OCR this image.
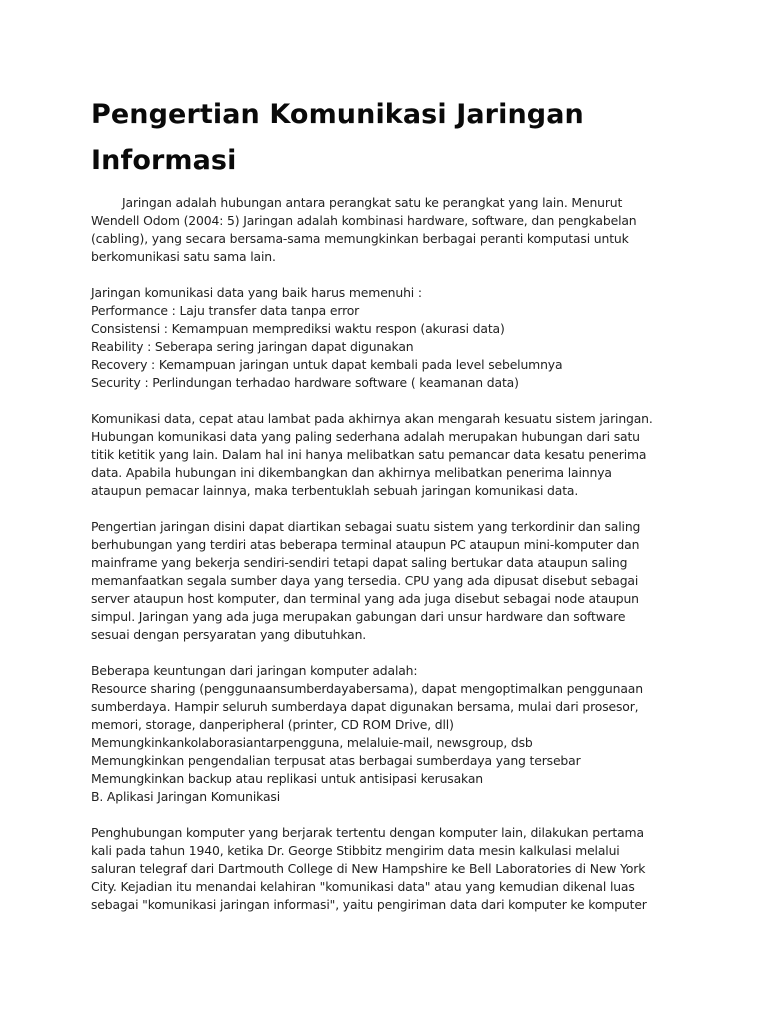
Pengertian Komunikasi Jaringan
Informasi

Jaringan adalah hubungan antara perangkat satu ke perangkat yang lain. Menurut
Wendell Odom (2004: 5) Jaringan adalah kombinasi hardware, software, dan pengkabelan
(cabling), yang secara bersama-sama memungkinkan berbagai peranti komputasi untuk
berkomunikasi satu sama lain.

Jaringan komunikasi data yang baik harus memenuhi :
Performance : Laju transfer data tanpa error
Consistensi : Kemampuan memprediksi waktu respon (akurasi data)
Reability : Seberapa sering jaringan dapat digunakan
Recovery : Kemampuan jaringan untuk dapat kembali pada level sebelumnya
Security : Perlindungan terhadao hardware software ( keamanan data)

Komunikasi data, cepat atau lambat pada akhirnya akan mengarah kesuatu sistem jaringan.
Hubungan komunikasi data yang paling sederhana adalah merupakan hubungan dari satu
titik ketitik yang lain. Dalam hal ini hanya melibatkan satu pemancar data kesatu penerima
data. Apabila hubungan ini dikembangkan dan akhirnya melibatkan penerima lainnya
ataupun pemacar lainnya, maka terbentuklah sebuah jaringan komunikasi data.

Pengertian jaringan disini dapat diartikan sebagai suatu sistem yang terkordinir dan saling
berhubungan yang terdiri atas beberapa terminal ataupun PC ataupun mini-komputer dan
mainframe yang bekerja sendiri-sendiri tetapi dapat saling bertukar data ataupun saling
memanfaatkan segala sumber daya yang tersedia. CPU yang ada dipusat disebut sebagai
server ataupun host komputer, dan terminal yang ada juga disebut sebagai node ataupun
simpul. Jaringan yang ada juga merupakan gabungan dari unsur hardware dan software
sesuai dengan persyaratan yang dibutuhkan.

Beberapa keuntungan dari jaringan komputer adalah:
Resource sharing (penggunaansumberdayabersama), dapat mengoptimalkan penggunaan
sumberdaya. Hampir seluruh sumberdaya dapat digunakan bersama, mulai dari prosesor,
memori, storage, danperipheral (printer, CD ROM Drive, dll)
Memungkinkankolaborasiantarpengguna, melaluie-mail, newsgroup, dsb
Memungkinkan pengendalian terpusat atas berbagai sumberdaya yang tersebar
Memungkinkan backup atau replikasi untuk antisipasi kerusakan
B. Aplikasi Jaringan Komunikasi

Penghubungan komputer yang berjarak tertentu dengan komputer lain, dilakukan pertama
kali pada tahun 1940, ketika Dr. George Stibbitz mengirim data mesin kalkulasi melalui
saluran telegraf dari Dartmouth College di New Hampshire ke Bell Laboratories di New York
City. Kejadian itu menandai kelahiran "komunikasi data" atau yang kemudian dikenal luas
sebagai "komunikasi jaringan informasi", yaitu pengiriman data dari komputer ke komputer
